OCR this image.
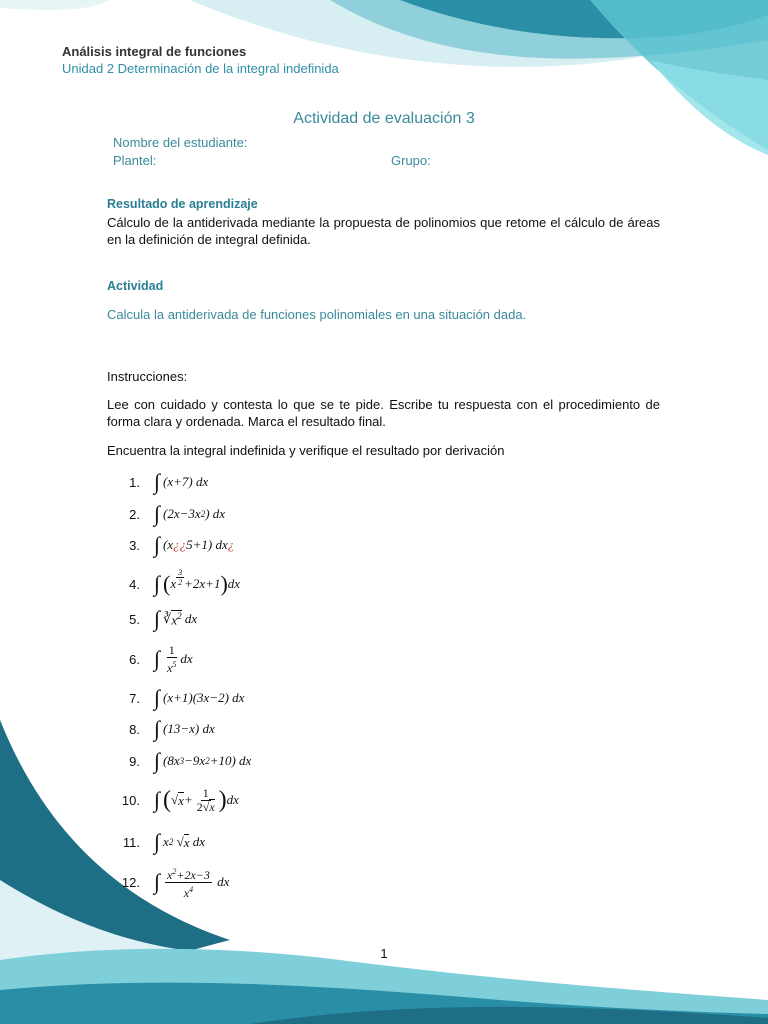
Análisis integral de funciones
Unidad 2 Determinación de la integral indefinida
Actividad de evaluación 3
Nombre del estudiante:
Plantel:	Grupo:
Resultado de aprendizaje
Cálculo de la antiderivada mediante la propuesta de polinomios que retome el cálculo de áreas en la definición de integral definida.
Actividad
Calcula la antiderivada de funciones polinomiales en una situación dada.
Instrucciones:
Lee con cuidado y contesta lo que se te pide. Escribe tu respuesta con el procedimiento de forma clara y ordenada. Marca el resultado final.
Encuentra la integral indefinida y verifique el resultado por derivación
1. ∫ (x+7) dx
2. ∫ (2x−3x 2 ) dx
3. ∫ (x ¿¿ 5+1) dx ¿
4. ∫ ( x $\frac{3}{2} +2x+1$ ) dx
5. ∫ ∛ $x^2$ dx
6. ∫ $\frac{1}{x^5}$ dx
7. ∫ (x+1)(3x−2) dx
8. ∫ (13−x) dx
9. ∫ (8x 3 −9x 2 +10) dx
10. ∫ ( √ $x + \frac{1}{2√x}$ ) dx
11. ∫ x 2
√ x dx
12. ∫ $\frac{x^2+2x-3}{x^4}$ dx
1
